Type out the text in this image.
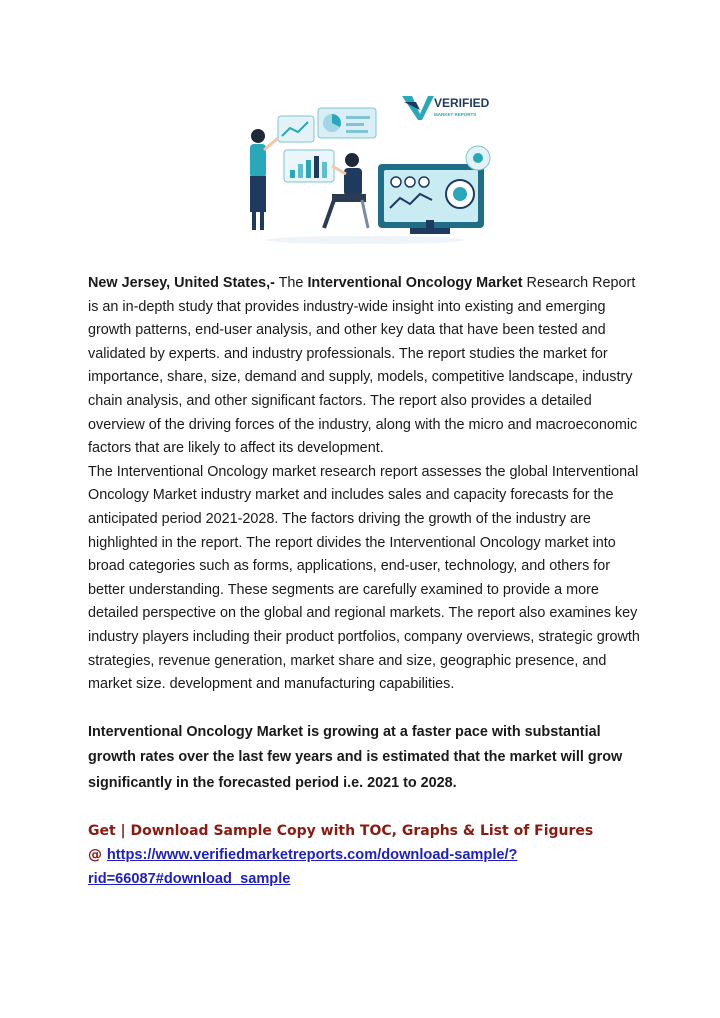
VERIFIED
MARKET REPORTS

New Jersey, United States,- The Interventional Oncology Market Research Report is an in-depth study that provides industry-wide insight into existing and emerging growth patterns, end-user analysis, and other key data that have been tested and validated by experts. and industry professionals. The report studies the market for importance, share, size, demand and supply, models, competitive landscape, industry chain analysis, and other significant factors. The report also provides a detailed overview of the driving forces of the industry, along with the micro and macroeconomic factors that are likely to affect its development.

The Interventional Oncology market research report assesses the global Interventional Oncology Market industry market and includes sales and capacity forecasts for the anticipated period 2021-2028. The factors driving the growth of the industry are highlighted in the report. The report divides the Interventional Oncology market into broad categories such as forms, applications, end-user, technology, and others for better understanding. These segments are carefully examined to provide a more detailed perspective on the global and regional markets. The report also examines key industry players including their product portfolios, company overviews, strategic growth strategies, revenue generation, market share and size, geographic presence, and market size. development and manufacturing capabilities.

Interventional Oncology Market is growing at a faster pace with substantial growth rates over the last few years and is estimated that the market will grow significantly in the forecasted period i.e. 2021 to 2028.

Get | Download Sample Copy with TOC, Graphs & List of Figures
@ https://www.verifiedmarketreports.com/download-sample/?rid=66087#download_sample
